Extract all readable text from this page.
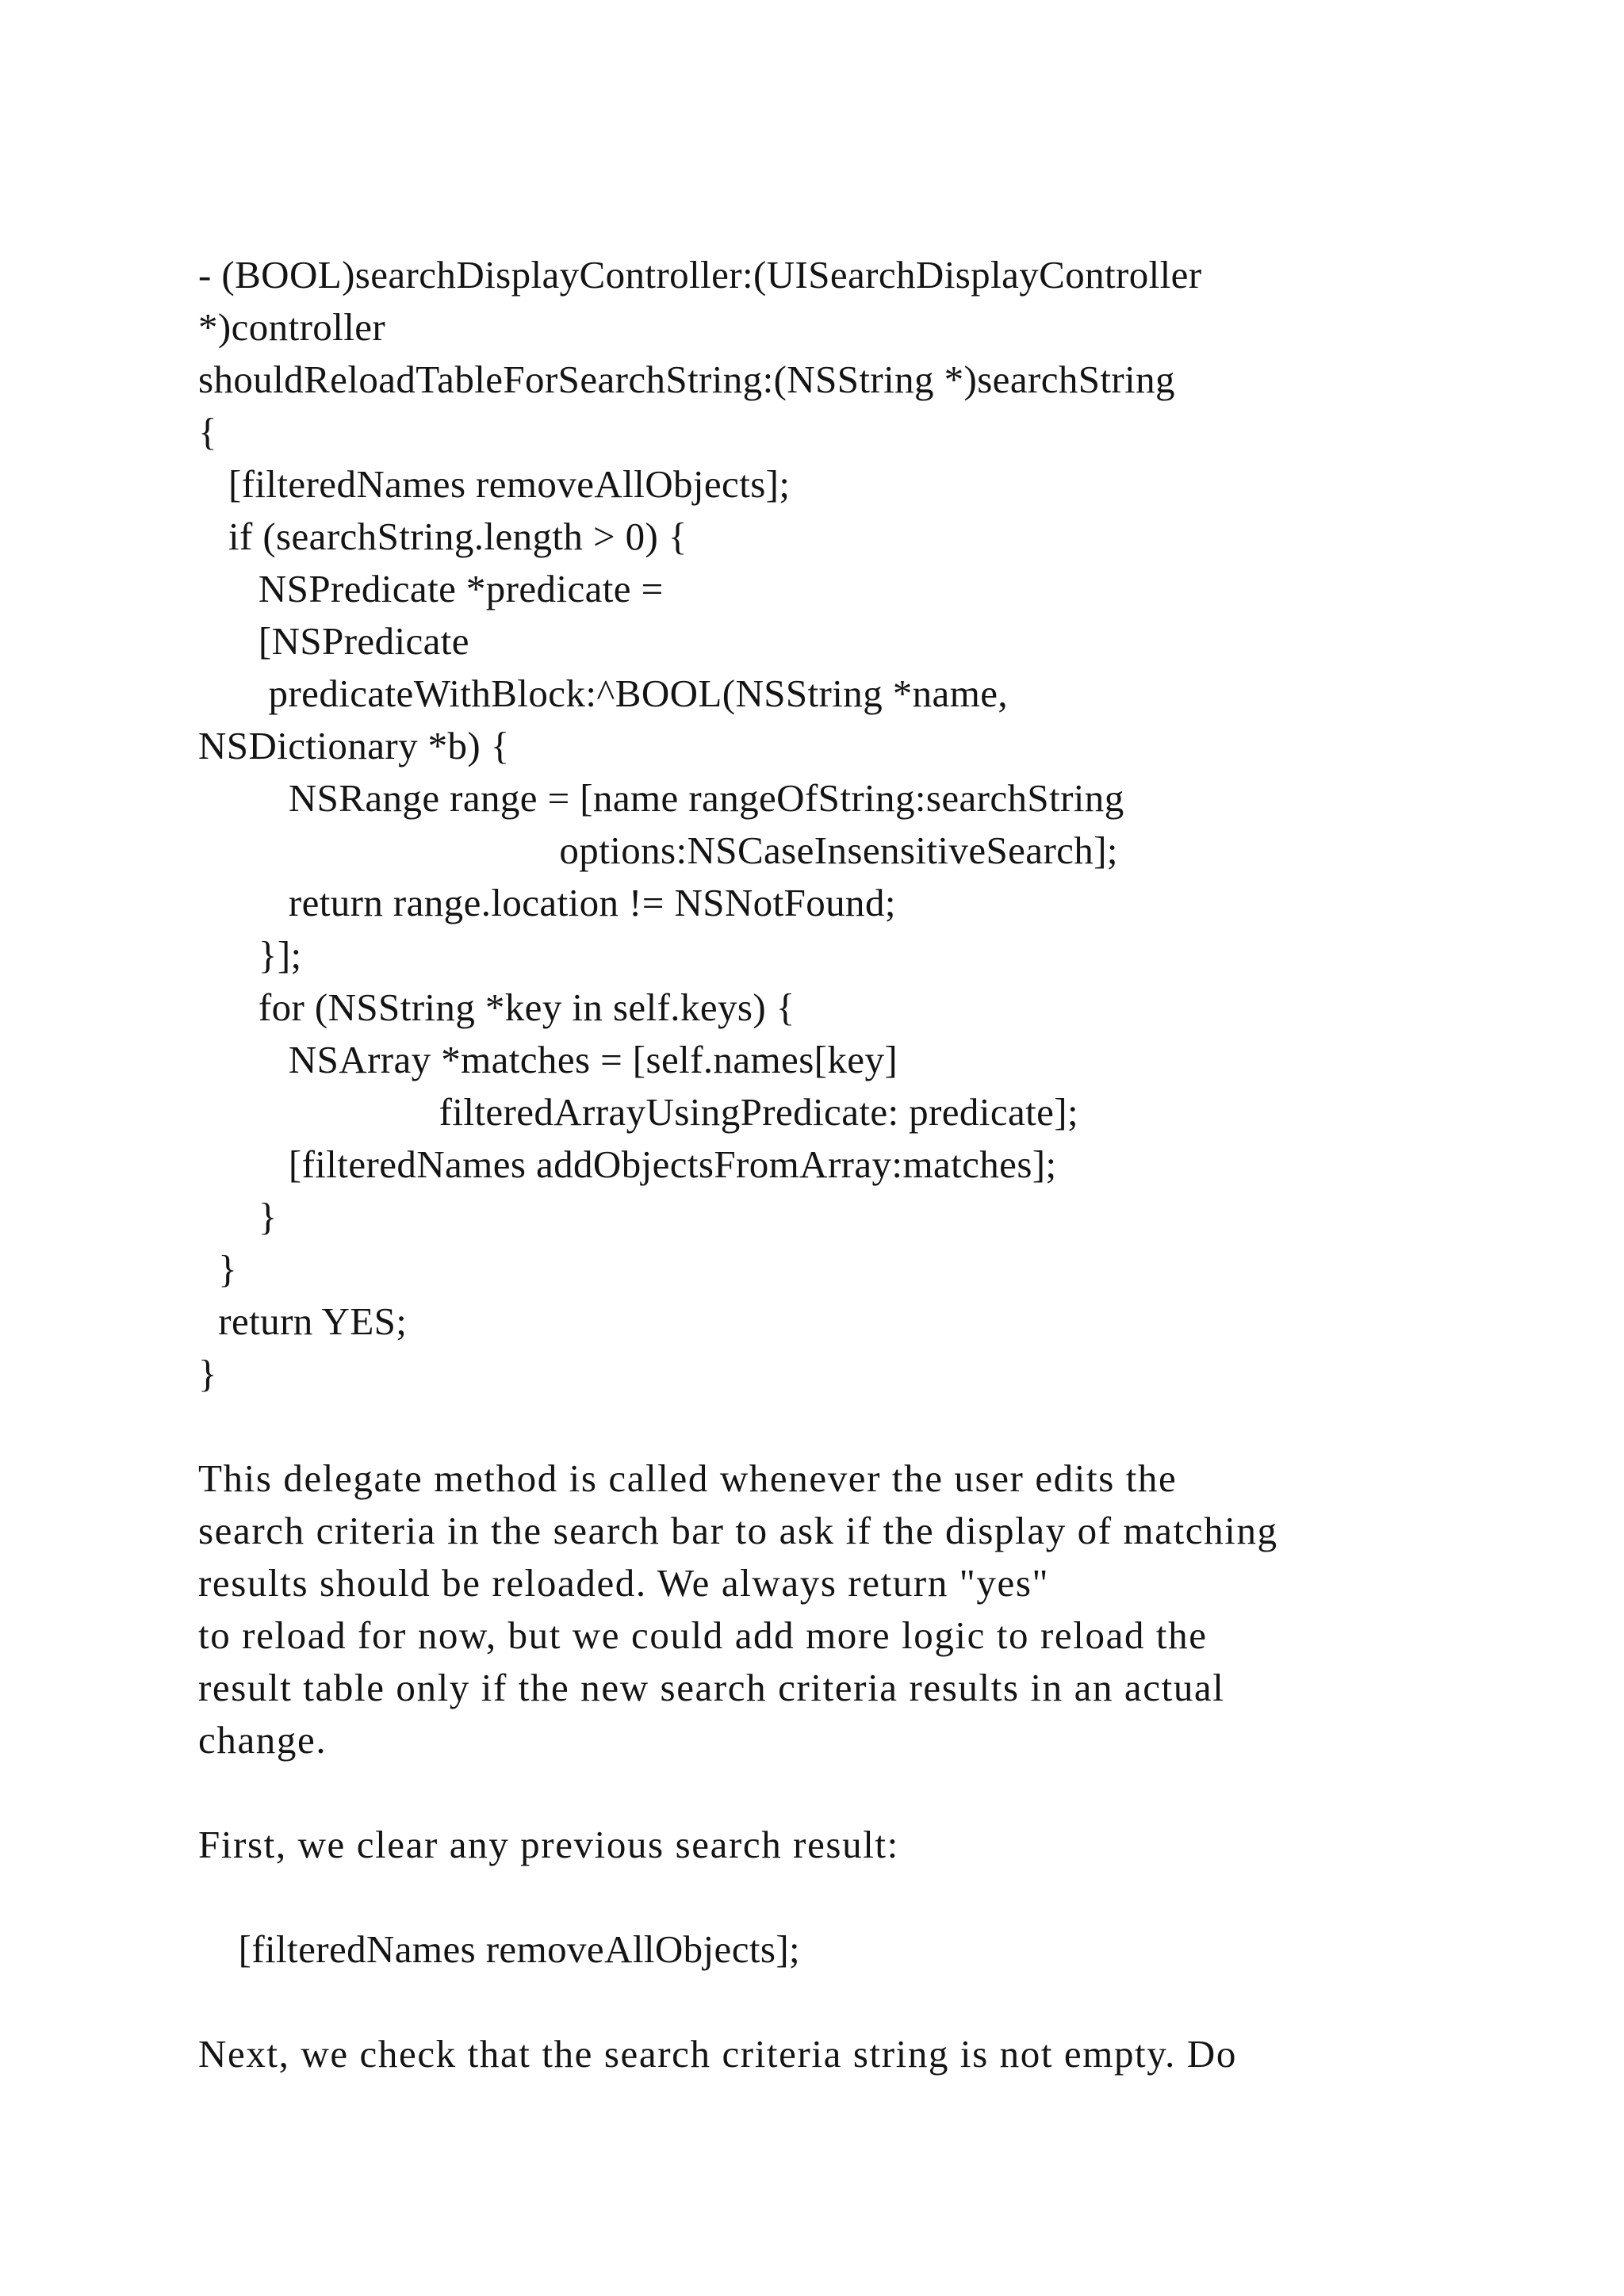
- (BOOL)searchDisplayController:(UISearchDisplayController
*)controller
shouldReloadTableForSearchString:(NSString *)searchString
{
[filteredNames removeAllObjects];
if (searchString.length > 0) {
NSPredicate *predicate =
[NSPredicate
predicateWithBlock:^BOOL(NSString *name,
NSDictionary *b) {
NSRange range = [name rangeOfString:searchString
options:NSCaseInsensitiveSearch];
return range.location != NSNotFound;
}];
for (NSString *key in self.keys) {
NSArray *matches = [self.names[key]
filteredArrayUsingPredicate: predicate];
[filteredNames addObjectsFromArray:matches];
}
}
return YES;
}
This delegate method is called whenever the user edits the
search criteria in the search bar to ask if the display of matching
results should be reloaded. We always return "yes"
to reload for now, but we could add more logic to reload the
result table only if the new search criteria results in an actual
change.
First, we clear any previous search result:
[filteredNames removeAllObjects];
Next, we check that the search criteria string is not empty. Do
